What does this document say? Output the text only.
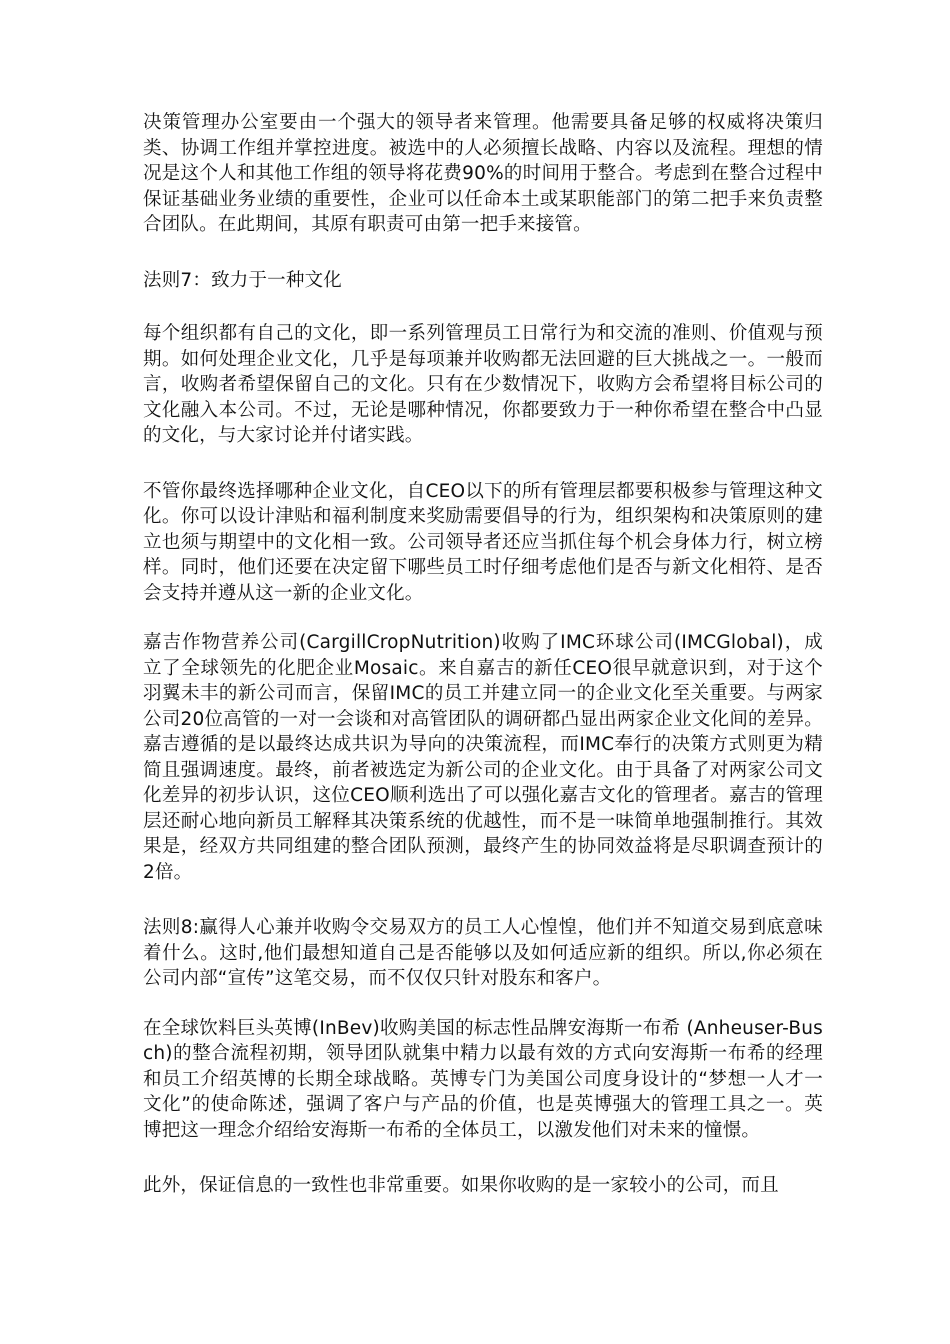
决策管理办公室要由一个强大的领导者来管理。他需要具备足够的权威将决策归类、协调工作组并掌控进度。被选中的人必须擅长战略、内容以及流程。理想的情况是这个人和其他工作组的领导将花费90%的时间用于整合。考虑到在整合过程中保证基础业务业绩的重要性，企业可以任命本土或某职能部门的第二把手来负责整合团队。在此期间，其原有职责可由第一把手来接管。

法则7：致力于一种文化

每个组织都有自己的文化，即一系列管理员工日常行为和交流的准则、价值观与预期。如何处理企业文化，几乎是每项兼并收购都无法回避的巨大挑战之一。一般而言，收购者希望保留自己的文化。只有在少数情况下，收购方会希望将目标公司的文化融入本公司。不过，无论是哪种情况，你都要致力于一种你希望在整合中凸显的文化，与大家讨论并付诸实践。

不管你最终选择哪种企业文化，自CEO以下的所有管理层都要积极参与管理这种文化。你可以设计津贴和福利制度来奖励需要倡导的行为，组织架构和决策原则的建立也须与期望中的文化相一致。公司领导者还应当抓住每个机会身体力行，树立榜样。同时，他们还要在决定留下哪些员工时仔细考虑他们是否与新文化相符、是否会支持并遵从这一新的企业文化。

嘉吉作物营养公司(CargillCropNutrition)收购了IMC环球公司(IMCGlobal)，成立了全球领先的化肥企业Mosaic。来自嘉吉的新任CEO很早就意识到，对于这个羽翼未丰的新公司而言，保留IMC的员工并建立同一的企业文化至关重要。与两家公司20位高管的一对一会谈和对高管团队的调研都凸显出两家企业文化间的差异。嘉吉遵循的是以最终达成共识为导向的决策流程，而IMC奉行的决策方式则更为精简且强调速度。最终，前者被选定为新公司的企业文化。由于具备了对两家公司文化差异的初步认识，这位CEO顺利选出了可以强化嘉吉文化的管理者。嘉吉的管理层还耐心地向新员工解释其决策系统的优越性，而不是一味简单地强制推行。其效果是，经双方共同组建的整合团队预测，最终产生的协同效益将是尽职调查预计的2倍。

法则8:赢得人心兼并收购令交易双方的员工人心惶惶，他们并不知道交易到底意味着什么。这时,他们最想知道自己是否能够以及如何适应新的组织。所以,你必须在公司内部“宣传”这笔交易，而不仅仅只针对股东和客户。

在全球饮料巨头英博(InBev)收购美国的标志性品牌安海斯一布希 (Anheuser-Busch)的整合流程初期，领导团队就集中精力以最有效的方式向安海斯一布希的经理和员工介绍英博的长期全球战略。英博专门为美国公司度身设计的“梦想一人才一文化”的使命陈述，强调了客户与产品的价值，也是英博强大的管理工具之一。英博把这一理念介绍给安海斯一布希的全体员工，以激发他们对未来的憧憬。

此外，保证信息的一致性也非常重要。如果你收购的是一家较小的公司，而且
